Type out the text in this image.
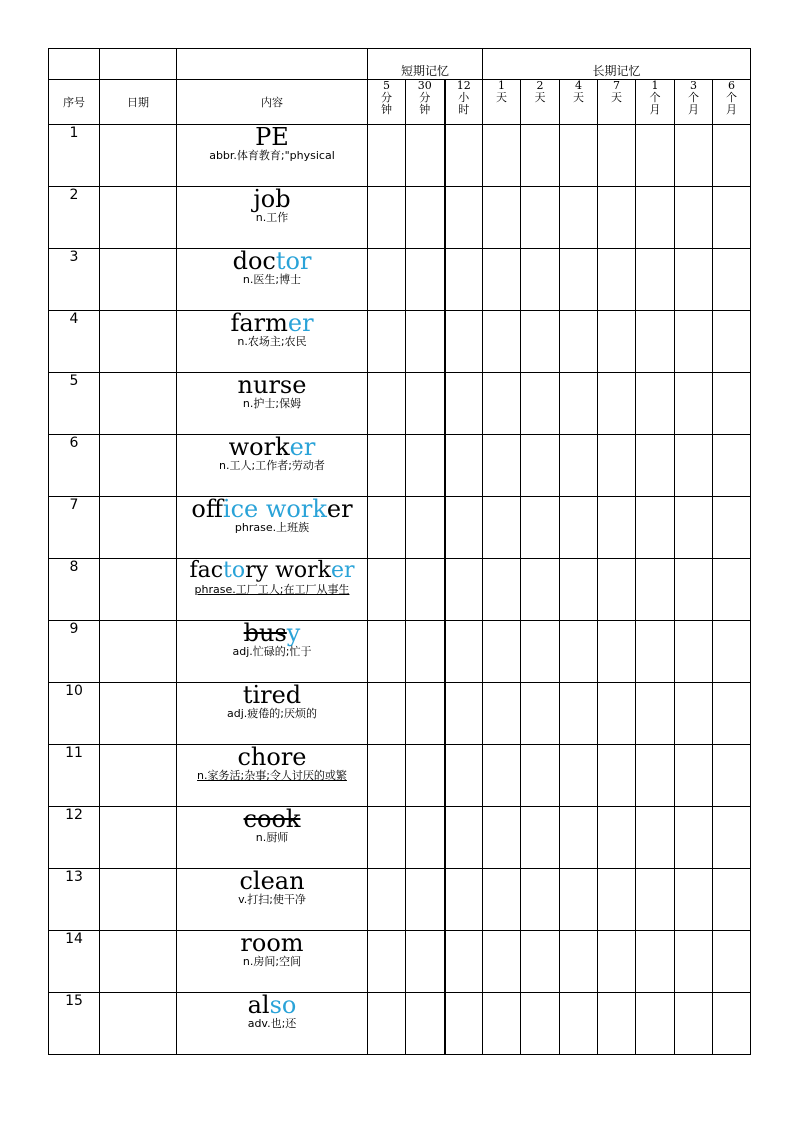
			短期记忆			长期记忆						
序号	日期	内容	5
分
钟	30
分
钟	12
小
时	1
天	2
天	4
天	7
天	1
个
月	3
个
月	6
个
月

1		PE
abbr.体育教育;"physical										

2		job
n.工作										

3		doctor
n.医生;博士										

4		farmer
n.农场主;农民										

5		nurse
n.护士;保姆										

6		worker
n.工人;工作者;劳动者										

7		office worker
phrase.上班族										

8		factory worker
phrase.工厂工人;在工厂从事生										

9		busy
adj.忙碌的;忙于										

10		tired
adj.疲倦的;厌烦的										

11		chore
n.家务活;杂事;令人讨厌的或繁										

12		cook
n.厨师										

13		clean
v.打扫;使干净										

14		room
n.房间;空间										

15		also
adv.也;还										
